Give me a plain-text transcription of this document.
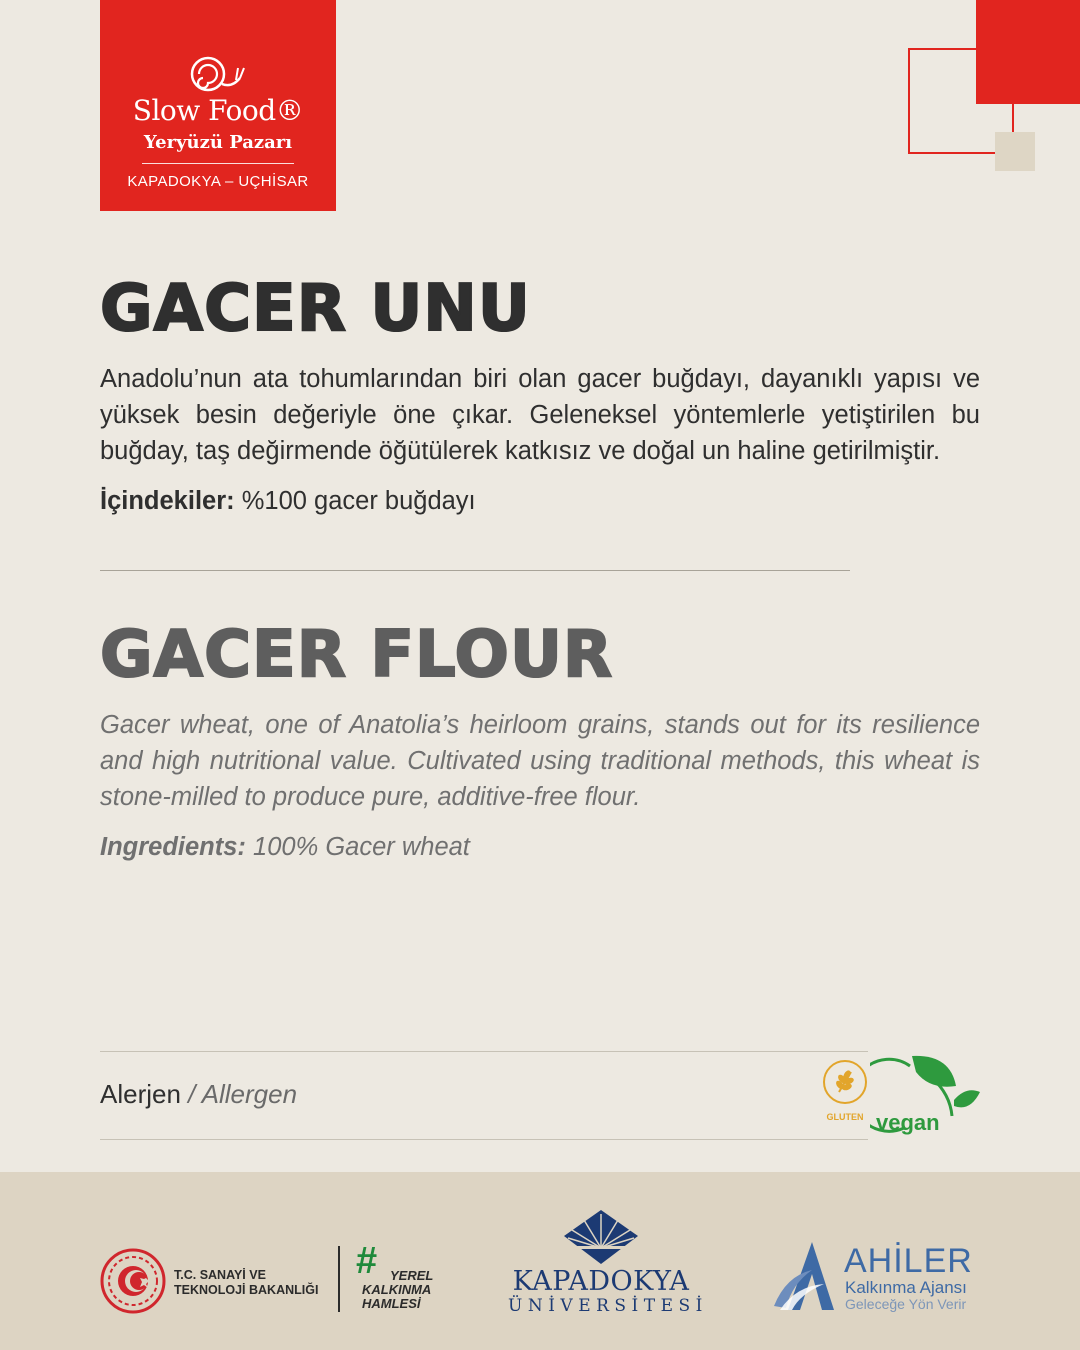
Slow Food®
Yeryüzü Pazarı
KAPADOKYA – UÇHİSAR
GACER UNU

Anadolu’nun ata tohumlarından biri olan gacer buğdayı, dayanıklı yapısı ve yüksek besin değeriyle öne çıkar. Geleneksel yöntemlerle yetiştirilen bu buğday, taş değirmende öğütülerek katkısız ve doğal un haline getirilmiştir.

İçindekiler: %100 gacer buğdayı
GACER FLOUR

Gacer wheat, one of Anatolia’s heirloom grains, stands out for its resilience and high nutritional value. Cultivated using traditional methods, this wheat is stone-milled to produce pure, additive-free flour.

Ingredients: 100% Gacer wheat
Alerjen / Allergen
GLUTEN vegan
T.C. SANAYİ VE
TEKNOLOJİ BAKANLIĞI
# YEREL
KALKINMA
HAMLESİ
KAPADOKYA
ÜNİVERSİTESİ
AHİLER
Kalkınma Ajansı
Geleceğe Yön Verir
